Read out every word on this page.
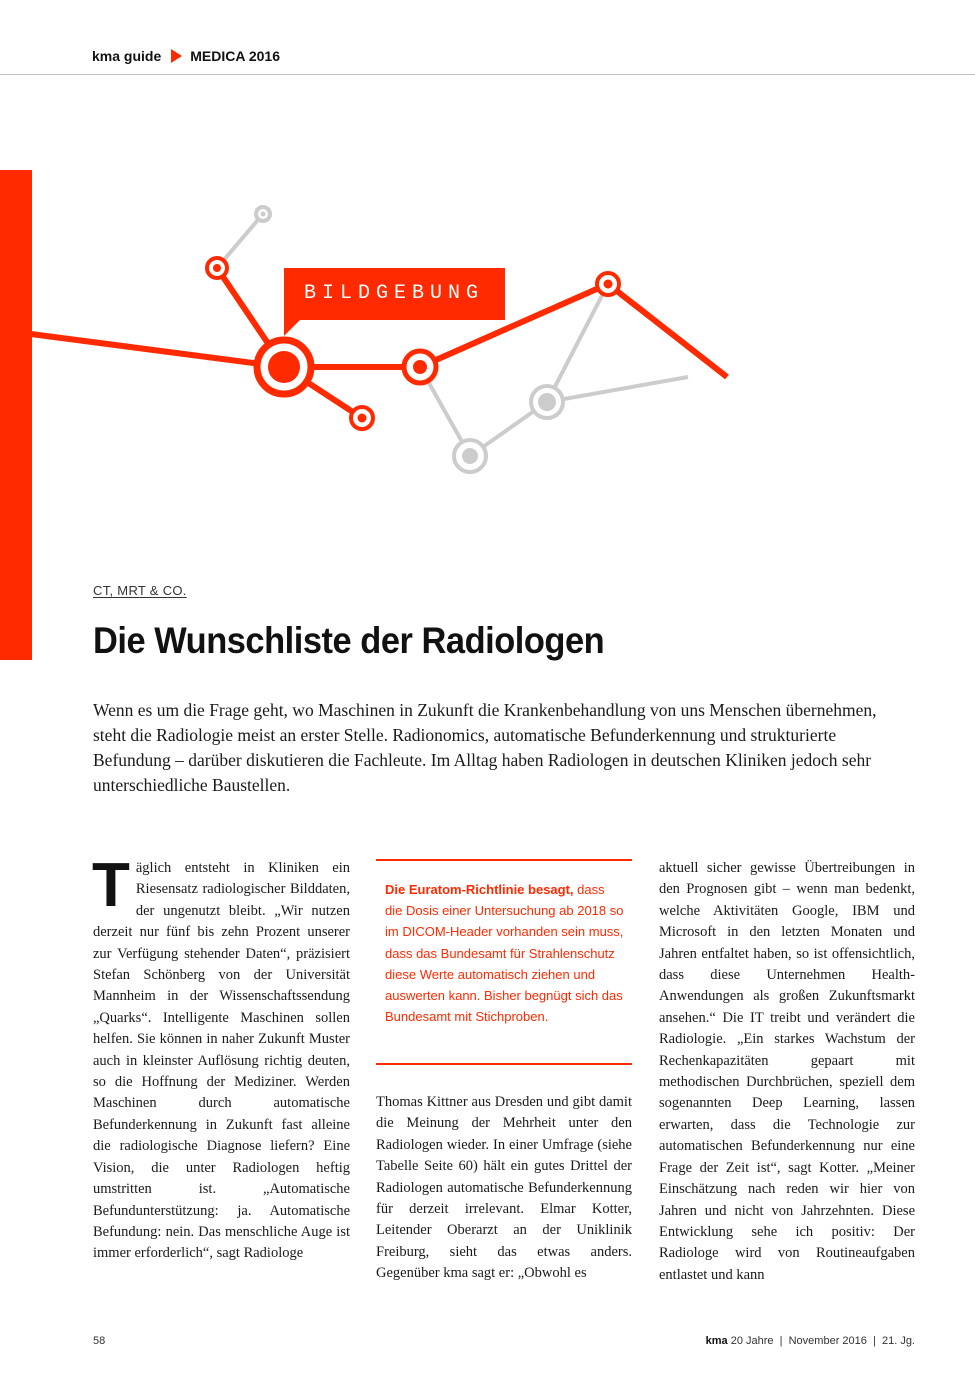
kma guide MEDICA 2016
BILDGEBUNG
CT, MRT & CO.
Die Wunschliste der Radiologen

Wenn es um die Frage geht, wo Maschinen in Zukunft die Krankenbehandlung von uns Menschen übernehmen, steht die Radiologie meist an erster Stelle. Radionomics, automatische Befunderkennung und strukturierte Befundung – darüber diskutieren die Fachleute. Im Alltag haben Radiologen in deutschen Kliniken jedoch sehr unterschiedliche Baustellen.

Täglich entsteht in Kliniken ein Riesensatz radiologischer Bilddaten, der ungenutzt bleibt. „Wir nutzen derzeit nur fünf bis zehn Prozent unserer zur Verfügung stehender Daten“, präzisiert Stefan Schönberg von der Universität Mannheim in der Wissenschaftssendung „Quarks“. Intelligente Maschinen sollen helfen. Sie können in naher Zukunft Muster auch in kleinster Auflösung richtig deuten, so die Hoffnung der Mediziner. Werden Maschinen durch automatische Befunderkennung in Zukunft fast alleine die radiologische Diagnose liefern? Eine Vision, die unter Radiologen heftig umstritten ist. „Automatische Befundunterstützung: ja. Automatische Befundung: nein. Das menschliche Auge ist immer erforderlich“, sagt Radiologe

Die Euratom-Richtlinie besagt, dass die Dosis einer Untersuchung ab 2018 so im DICOM-Header vorhanden sein muss, dass das Bundesamt für Strahlenschutz diese Werte automatisch ziehen und auswerten kann. Bisher begnügt sich das Bundesamt mit Stichproben.

Thomas Kittner aus Dresden und gibt damit die Meinung der Mehrheit unter den Radiologen wieder. In einer Umfrage (siehe Tabelle Seite 60) hält ein gutes Drittel der Radiologen automatische Befunderkennung für derzeit irrelevant. Elmar Kotter, Leitender Oberarzt an der Uniklinik Freiburg, sieht das etwas anders. Gegenüber kma sagt er: „Obwohl es

aktuell sicher gewisse Übertreibungen in den Prognosen gibt – wenn man bedenkt, welche Aktivitäten Google, IBM und Microsoft in den letzten Monaten und Jahren entfaltet haben, so ist offensichtlich, dass diese Unternehmen Health-Anwendungen als großen Zukunftsmarkt ansehen.“ Die IT treibt und verändert die Radiologie. „Ein starkes Wachstum der Rechenkapazitäten gepaart mit methodischen Durchbrüchen, speziell dem sogenannten Deep Learning, lassen erwarten, dass die Technologie zur automatischen Befunderkennung nur eine Frage der Zeit ist“, sagt Kotter. „Meiner Einschätzung nach reden wir hier von Jahren und nicht von Jahrzehnten. Diese Entwicklung sehe ich positiv: Der Radiologe wird von Routineaufgaben entlastet und kann

58	kma 20 Jahre  |  November 2016  |  21. Jg.
